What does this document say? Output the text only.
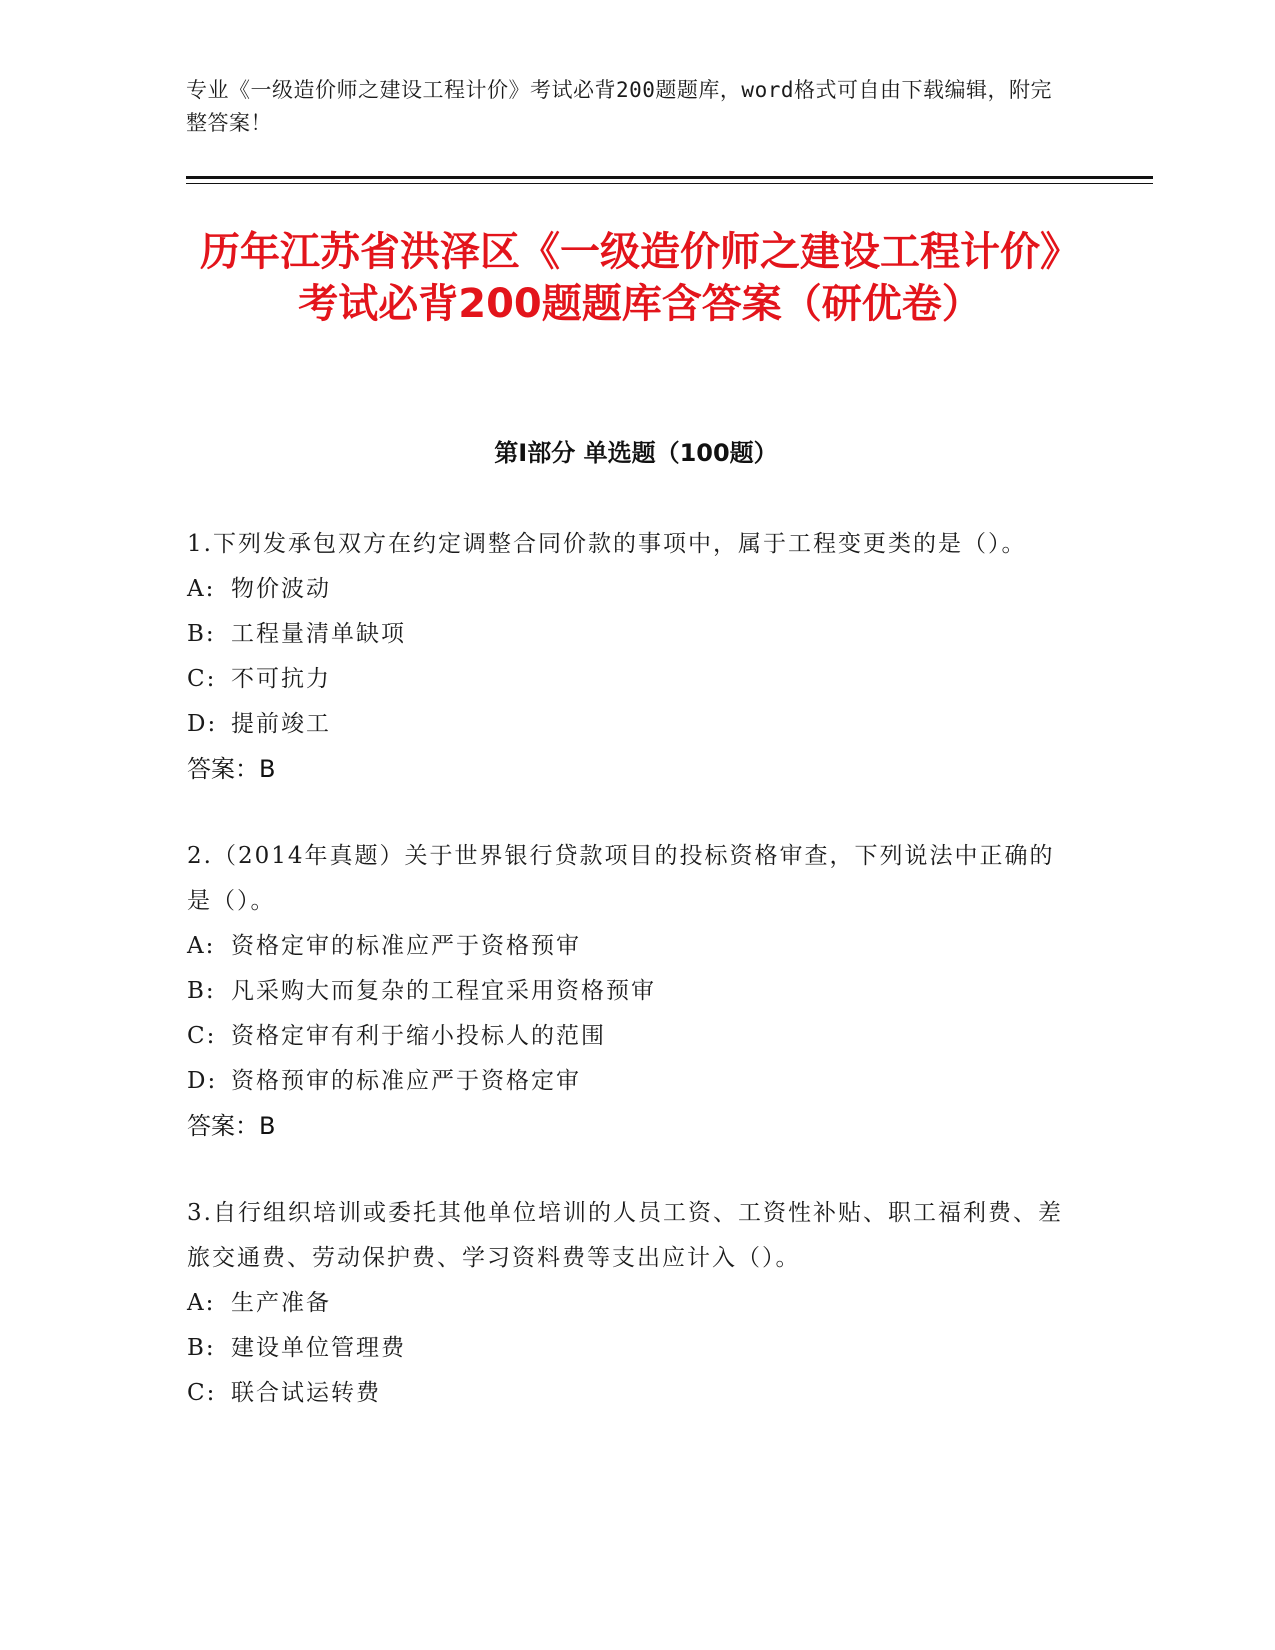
专业《一级造价师之建设工程计价》考试必背200题题库，word格式可自由下载编辑，附完整答案！
历年江苏省洪泽区《一级造价师之建设工程计价》考试必背200题题库含答案（研优卷）
第Ⅰ部分 单选题（100题）

1.下列发承包双方在约定调整合同价款的事项中，属于工程变更类的是（）。

A: 物价波动

B: 工程量清单缺项

C: 不可抗力

D: 提前竣工

答案：B

2.（2014年真题）关于世界银行贷款项目的投标资格审查，下列说法中正确的是（）。

A: 资格定审的标准应严于资格预审

B: 凡采购大而复杂的工程宜采用资格预审

C: 资格定审有利于缩小投标人的范围

D: 资格预审的标准应严于资格定审

答案：B

3.自行组织培训或委托其他单位培训的人员工资、工资性补贴、职工福利费、差旅交通费、劳动保护费、学习资料费等支出应计入（）。

A: 生产准备

B: 建设单位管理费

C: 联合试运转费
